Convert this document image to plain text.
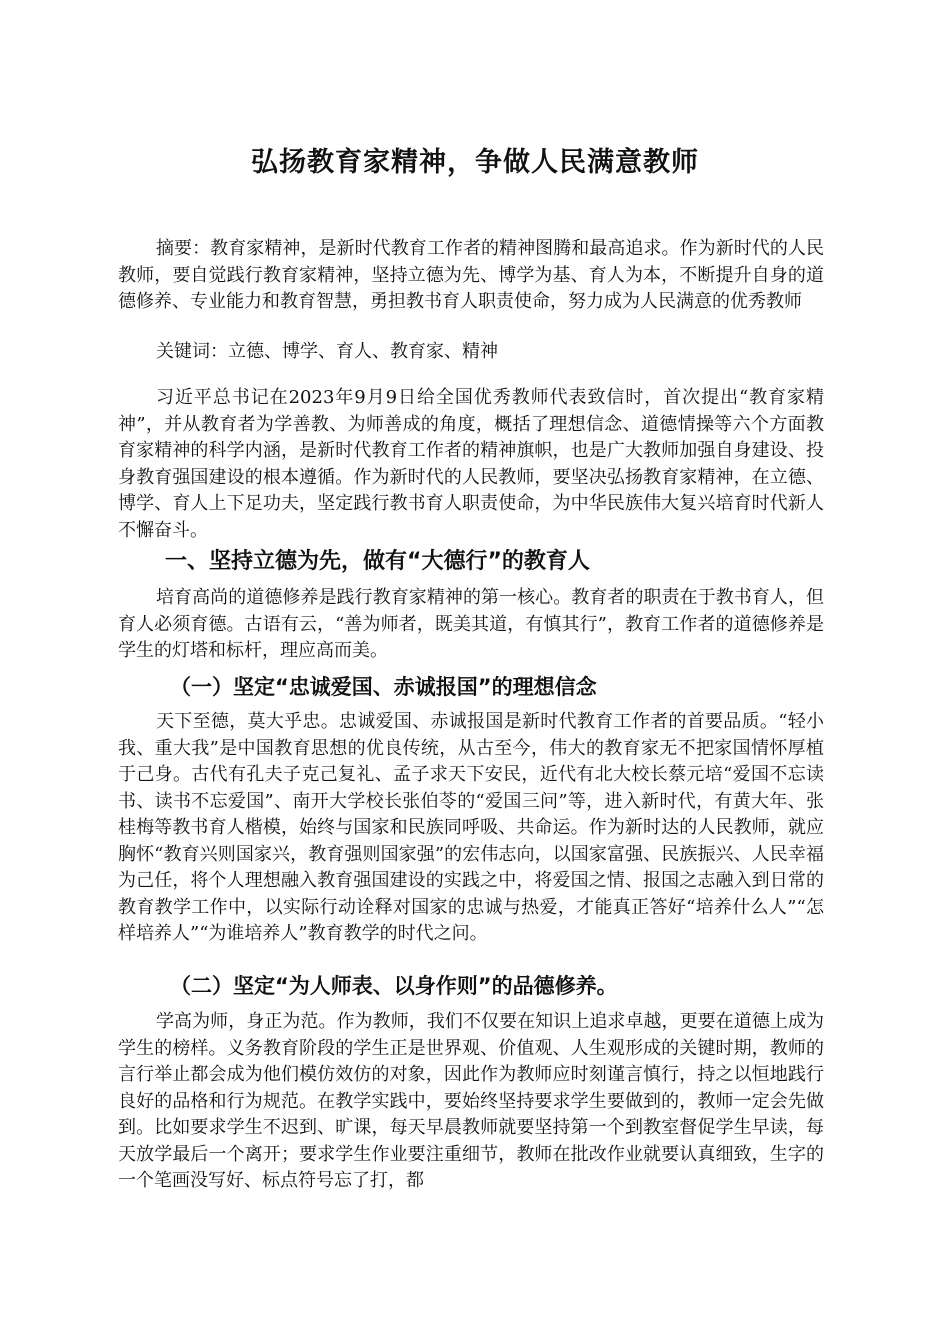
弘扬教育家精神，争做人民满意教师

摘要：教育家精神，是新时代教育工作者的精神图腾和最高追求。作为新时代的人民教师，要自觉践行教育家精神，坚持立德为先、博学为基、育人为本，不断提升自身的道德修养、专业能力和教育智慧，勇担教书育人职责使命，努力成为人民满意的优秀教师

关键词：立德、博学、育人、教育家、精神

习近平总书记在2023年9月9日给全国优秀教师代表致信时，首次提出“教育家精神”，并从教育者为学善教、为师善成的角度，概括了理想信念、道德情操等六个方面教育家精神的科学内涵，是新时代教育工作者的精神旗帜，也是广大教师加强自身建设、投身教育强国建设的根本遵循。作为新时代的人民教师，要坚决弘扬教育家精神，在立德、博学、育人上下足功夫，坚定践行教书育人职责使命，为中华民族伟大复兴培育时代新人不懈奋斗。

一、坚持立德为先，做有“大德行”的教育人

培育高尚的道德修养是践行教育家精神的第一核心。教育者的职责在于教书育人，但育人必须育德。古语有云，“善为师者，既美其道，有慎其行”，教育工作者的道德修养是学生的灯塔和标杆，理应高而美。

（一）坚定“忠诚爱国、赤诚报国”的理想信念

天下至德，莫大乎忠。忠诚爱国、赤诚报国是新时代教育工作者的首要品质。“轻小我、重大我”是中国教育思想的优良传统，从古至今，伟大的教育家无不把家国情怀厚植于己身。古代有孔夫子克己复礼、孟子求天下安民，近代有北大校长蔡元培“爱国不忘读书、读书不忘爱国”、南开大学校长张伯苓的“爱国三问”等，进入新时代，有黄大年、张桂梅等教书育人楷模，始终与国家和民族同呼吸、共命运。作为新时达的人民教师，就应胸怀“教育兴则国家兴，教育强则国家强”的宏伟志向，以国家富强、民族振兴、人民幸福为己任，将个人理想融入教育强国建设的实践之中，将爱国之情、报国之志融入到日常的教育教学工作中，以实际行动诠释对国家的忠诚与热爱，才能真正答好“培养什么人”“怎样培养人”“为谁培养人”教育教学的时代之问。

（二）坚定“为人师表、以身作则”的品德修养。

学高为师，身正为范。作为教师，我们不仅要在知识上追求卓越，更要在道德上成为学生的榜样。义务教育阶段的学生正是世界观、价值观、人生观形成的关键时期，教师的言行举止都会成为他们模仿效仿的对象，因此作为教师应时刻谨言慎行，持之以恒地践行良好的品格和行为规范。在教学实践中，要始终坚持要求学生要做到的，教师一定会先做到。比如要求学生不迟到、旷课，每天早晨教师就要坚持第一个到教室督促学生早读，每天放学最后一个离开；要求学生作业要注重细节，教师在批改作业就要认真细致，生字的一个笔画没写好、标点符号忘了打，都
